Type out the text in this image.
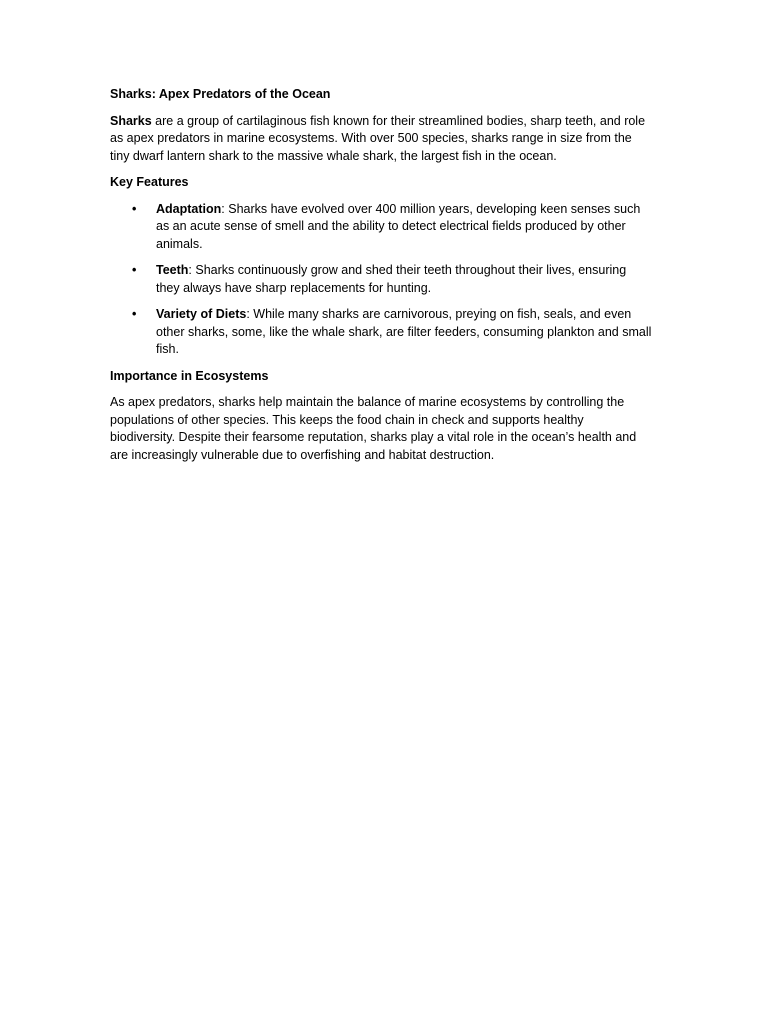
Sharks: Apex Predators of the Ocean

Sharks are a group of cartilaginous fish known for their streamlined bodies, sharp teeth, and role as apex predators in marine ecosystems. With over 500 species, sharks range in size from the tiny dwarf lantern shark to the massive whale shark, the largest fish in the ocean.

Key Features

• Adaptation: Sharks have evolved over 400 million years, developing keen senses such as an acute sense of smell and the ability to detect electrical fields produced by other animals.
• Teeth: Sharks continuously grow and shed their teeth throughout their lives, ensuring they always have sharp replacements for hunting.
• Variety of Diets: While many sharks are carnivorous, preying on fish, seals, and even other sharks, some, like the whale shark, are filter feeders, consuming plankton and small fish.

Importance in Ecosystems

As apex predators, sharks help maintain the balance of marine ecosystems by controlling the populations of other species. This keeps the food chain in check and supports healthy biodiversity. Despite their fearsome reputation, sharks play a vital role in the ocean’s health and are increasingly vulnerable due to overfishing and habitat destruction.
